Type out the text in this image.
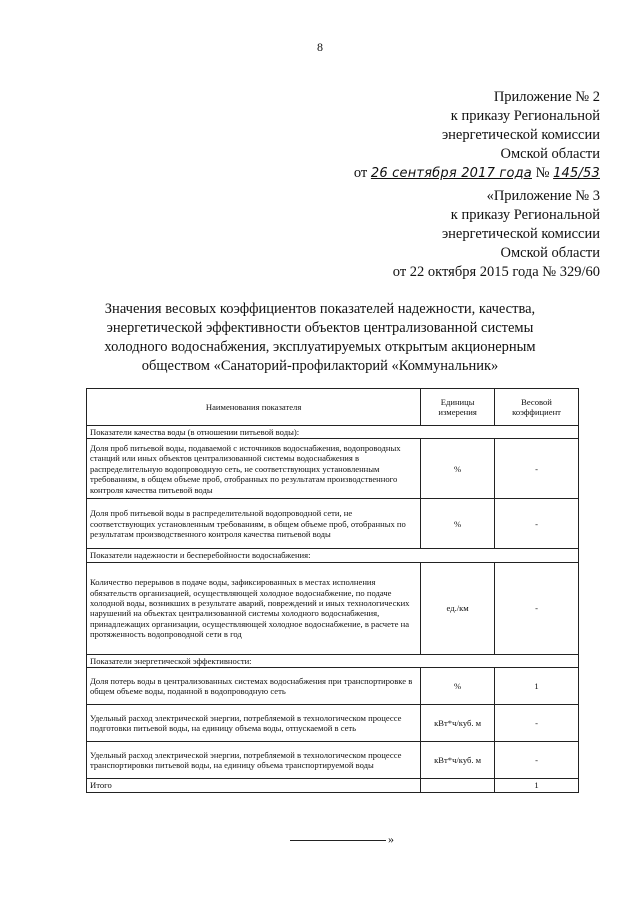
8
Приложение № 2
к приказу Региональной
энергетической комиссии
Омской области
от 26 сентября 2017 года № 145/53
«Приложение № 3
к приказу Региональной
энергетической комиссии
Омской области
от 22 октября 2015 года № 329/60
Значения весовых коэффициентов показателей надежности, качества,
энергетической эффективности объектов централизованной системы
холодного водоснабжения, эксплуатируемых открытым акционерным
обществом «Санаторий-профилакторий «Коммунальник»
Наименования показателя	Единицы измерения	Весовой коэффициент
Показатели качества воды (в отношении питьевой воды):		
Доля проб питьевой воды, подаваемой с источников водоснабжения, водопроводных станций или иных объектов централизованной системы водоснабжения в распределительную водопроводную сеть, не соответствующих установленным требованиям, в общем объеме проб, отобранных по результатам производственного контроля качества питьевой воды	%	-
Доля проб питьевой воды в распределительной водопроводной сети, не соответствующих установленным требованиям, в общем объеме проб, отобранных по результатам производственного контроля качества питьевой воды	%	-
Показатели надежности и бесперебойности водоснабжения:		
Количество перерывов в подаче воды, зафиксированных в местах исполнения обязательств организацией, осуществляющей холодное водоснабжение, по подаче холодной воды, возникших в результате аварий, повреждений и иных технологических нарушений на объектах централизованной системы холодного водоснабжения, принадлежащих организации, осуществляющей холодное водоснабжение, в расчете на протяженность водопроводной сети в год	ед./км	-
Показатели энергетической эффективности:		
Доля потерь воды в централизованных системах водоснабжения при транспортировке в общем объеме воды, поданной в водопроводную сеть	%	1
Удельный расход электрической энергии, потребляемой в технологическом процессе подготовки питьевой воды, на единицу объема воды, отпускаемой в сеть	кВт*ч/куб. м	-
Удельный расход электрической энергии, потребляемой в технологическом процессе транспортировки питьевой воды, на единицу объема транспортируемой воды	кВт*ч/куб. м	-
Итого		1
»
